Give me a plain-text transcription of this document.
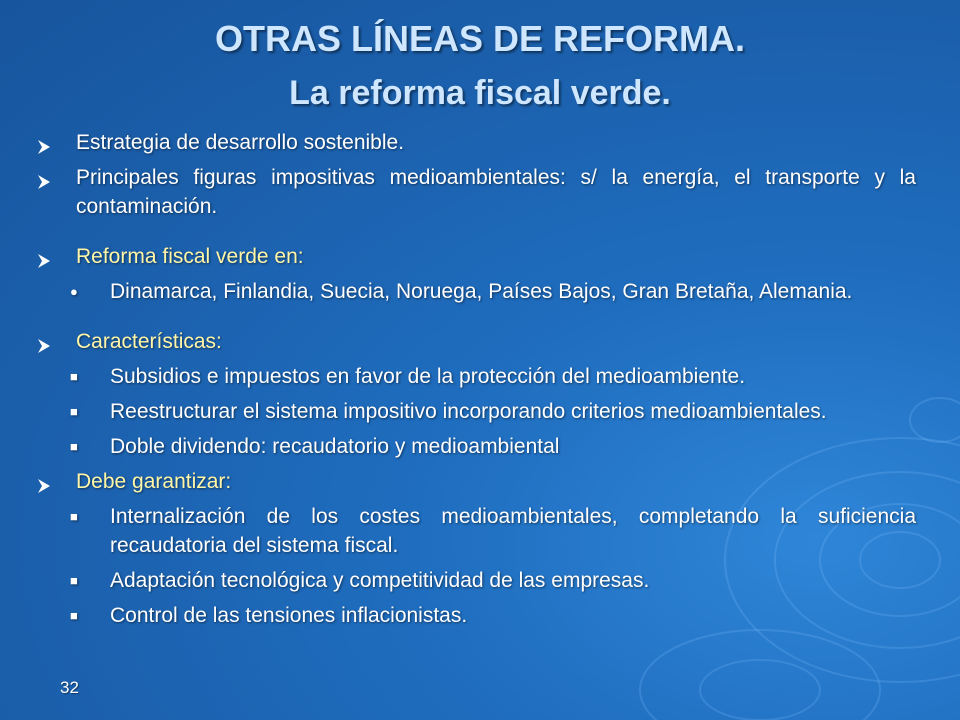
OTRAS LÍNEAS DE REFORMA.
La reforma fiscal verde.
Estrategia de desarrollo sostenible.
Principales figuras impositivas medioambientales: s/ la energía, el transporte y la contaminación.
Reforma fiscal verde en:
●	Dinamarca, Finlandia, Suecia, Noruega, Países Bajos, Gran Bretaña, Alemania.
Características:
■	Subsidios e impuestos en favor de la protección del medioambiente.
■	Reestructurar el sistema impositivo incorporando criterios medioambientales.
■	Doble dividendo: recaudatorio y medioambiental
Debe garantizar:
■	Internalización de los costes medioambientales, completando la suficiencia recaudatoria del sistema fiscal.
■	Adaptación tecnológica y competitividad de las empresas.
■	Control de las tensiones inflacionistas.
32
